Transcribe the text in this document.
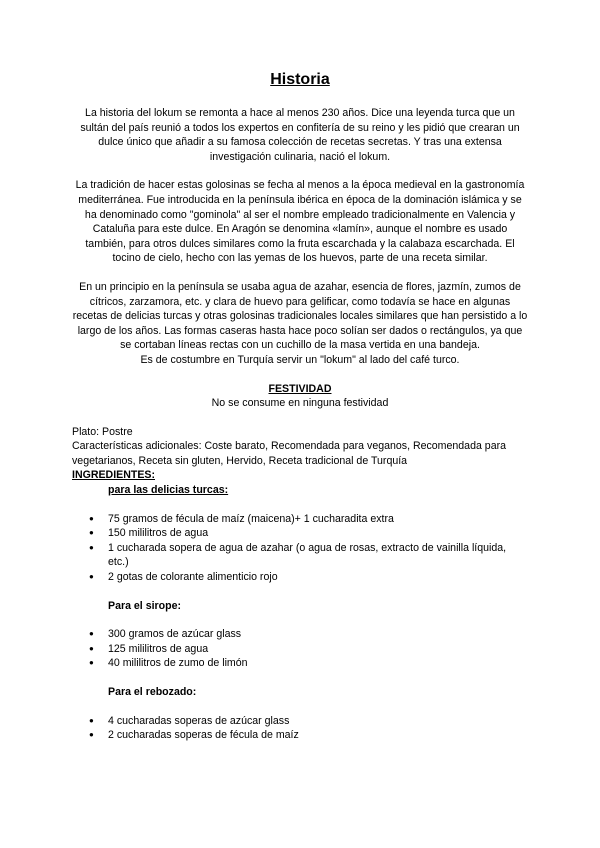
Historia

La historia del lokum se remonta a hace al menos 230 años. Dice una leyenda turca que un sultán del país reunió a todos los expertos en confitería de su reino y les pidió que crearan un dulce único que añadir a su famosa colección de recetas secretas. Y tras una extensa investigación culinaria, nació el lokum.

La tradición de hacer estas golosinas se fecha al menos a la época medieval en la gastronomía mediterránea. Fue introducida en la península ibérica en época de la dominación islámica y se ha denominado como "gominola" al ser el nombre empleado tradicionalmente en Valencia y Cataluña para este dulce. En Aragón se denomina «lamín», aunque el nombre es usado también, para otros dulces similares como la fruta escarchada y la calabaza escarchada. El tocino de cielo, hecho con las yemas de los huevos, parte de una receta similar.

En un principio en la península se usaba agua de azahar, esencia de flores, jazmín, zumos de cítricos, zarzamora, etc. y clara de huevo para gelificar, como todavía se hace en algunas recetas de delicias turcas y otras golosinas tradicionales locales similares que han persistido a lo largo de los años. Las formas caseras hasta hace poco solían ser dados o rectángulos, ya que se cortaban líneas rectas con un cuchillo de la masa vertida en una bandeja.

Es de costumbre en Turquía servir un "lokum" al lado del café turco.

FESTIVIDAD

No se consume en ninguna festividad

Plato: Postre

Características adicionales: Coste barato, Recomendada para veganos, Recomendada para vegetarianos, Receta sin gluten, Hervido, Receta tradicional de Turquía

INGREDIENTES:

para las delicias turcas:

● 75 gramos de fécula de maíz (maicena)+ 1 cucharadita extra
● 150 mililitros de agua
● 1 cucharada sopera de agua de azahar (o agua de rosas, extracto de vainilla líquida, etc.)
● 2 gotas de colorante alimenticio rojo

Para el sirope:

● 300 gramos de azúcar glass
● 125 mililitros de agua
● 40 mililitros de zumo de limón

Para el rebozado:

● 4 cucharadas soperas de azúcar glass
● 2 cucharadas soperas de fécula de maíz
